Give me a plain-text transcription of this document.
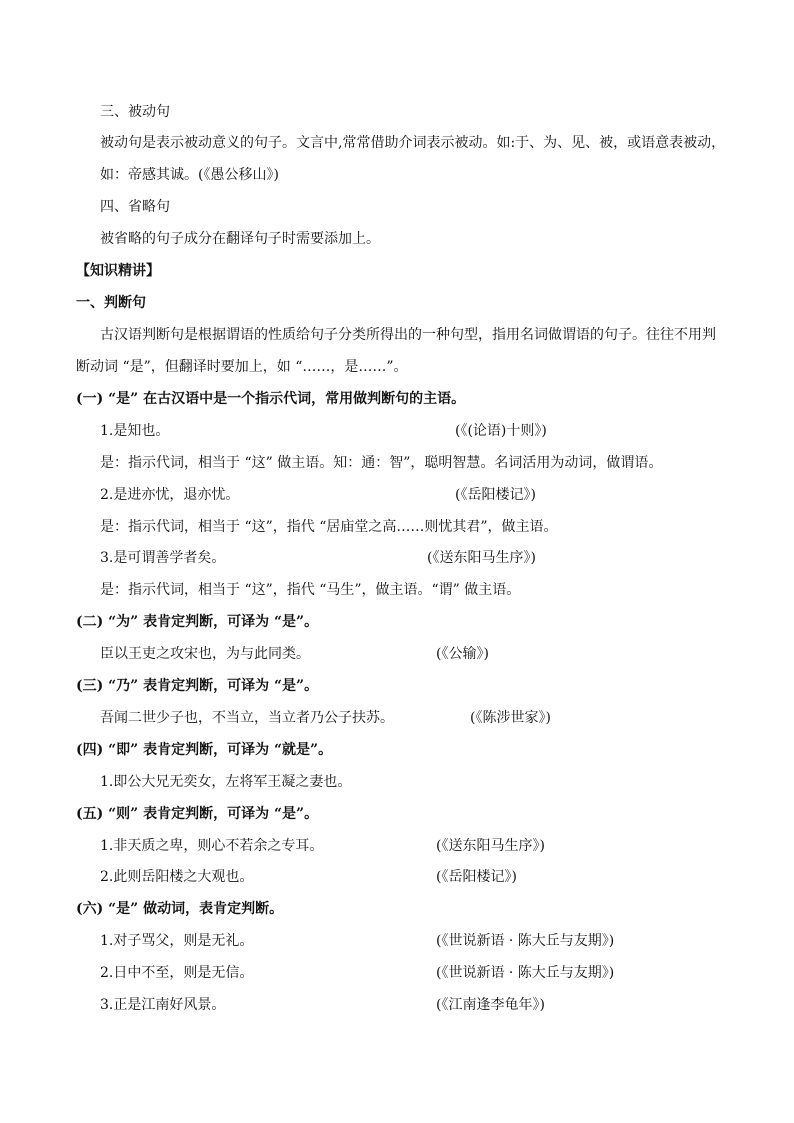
三、被动句
被动句是表示被动意义的句子。文言中,常常借助介词表示被动。如:于、为、见、被，或语意表被动，
如：帝感其诚。(《愚公移山》)
四、省略句
被省略的句子成分在翻译句子时需要添加上。
【知识精讲】
一、判断句
古汉语判断句是根据谓语的性质给句子分类所得出的一种句型，指用名词做谓语的句子。往往不用判
断动词 “是”，但翻译时要加上，如 “……，是……”。
(一) “是” 在古汉语中是一个指示代词，常用做判断句的主语。
1.是知也。	(《(论语)十则》)
是：指示代词，相当于 “这” 做主语。知：通：智”，聪明智慧。名词活用为动词，做谓语。
2.是进亦忧，退亦忧。	(《岳阳楼记》)
是：指示代词，相当于 “这”，指代 “居庙堂之高……则忧其君”，做主语。
3.是可谓善学者矣。	(《送东阳马生序》)
是：指示代词，相当于 “这”，指代 “马生”，做主语。“谓” 做主语。
(二) “为” 表肯定判断，可译为 “是”。
臣以王吏之攻宋也，为与此同类。	(《公输》)
(三) “乃” 表肯定判断，可译为 “是”。
吾闻二世少子也，不当立，当立者乃公子扶苏。	(《陈涉世家》)
(四) “即” 表肯定判断，可译为 “就是”。
1.即公大兄无奕女，左将军王凝之妻也。
(五) “则” 表肯定判断，可译为 “是”。
1.非天质之卑，则心不若余之专耳。	(《送东阳马生序》)
2.此则岳阳楼之大观也。	(《岳阳楼记》)
(六) “是” 做动词，表肯定判断。
1.对子骂父，则是无礼。	(《世说新语 · 陈大丘与友期》)
2.日中不至，则是无信。	(《世说新语 · 陈大丘与友期》)
3.正是江南好风景。	(《江南逢李龟年》)
